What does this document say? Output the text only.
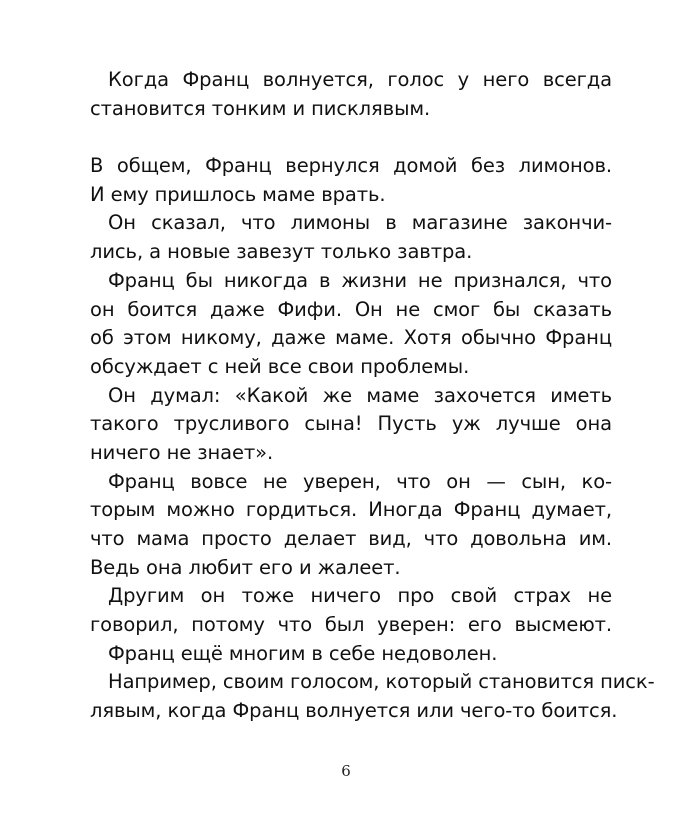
Когда Франц волнуется, голос у него всегда
становится тонким и писклявым.
В общем, Франц вернулся домой без лимонов.
И ему пришлось маме врать.
Он сказал, что лимоны в магазине закончи-
лись, а новые завезут только завтра.
Франц бы никогда в жизни не признался, что
он боится даже Фифи. Он не смог бы сказать
об этом никому, даже маме. Хотя обычно Франц
обсуждает с ней все свои проблемы.
Он думал: «Какой же маме захочется иметь
такого трусливого сына! Пусть уж лучше она
ничего не знает».
Франц вовсе не уверен, что он — сын, ко-
торым можно гордиться. Иногда Франц думает,
что мама просто делает вид, что довольна им.
Ведь она любит его и жалеет.
Другим он тоже ничего про свой страх не
говорил, потому что был уверен: его высмеют.
Франц ещё многим в себе недоволен.
Например, своим голосом, который становится писк-
лявым, когда Франц волнуется или чего-то боится.
6
